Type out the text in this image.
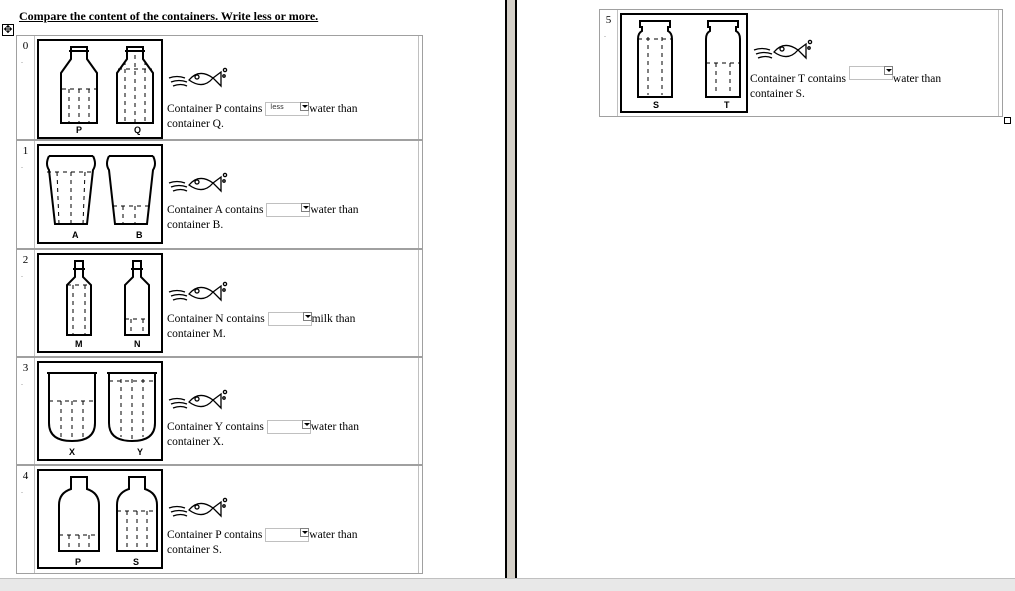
Compare the content of the containers. Write less or more.
✥
0
.
P	Q
Container P contains less water than
container Q.
1
.
A	B
Container A contains	water than
container B.
2
.
M	N
Container N contains	milk than
container M.
3
.
X	Y
Container Y contains	water than
container X.
4
.
P	S
Container P contains	water than
container S.
5
.
S	T
Container T contains	water than
container S.
